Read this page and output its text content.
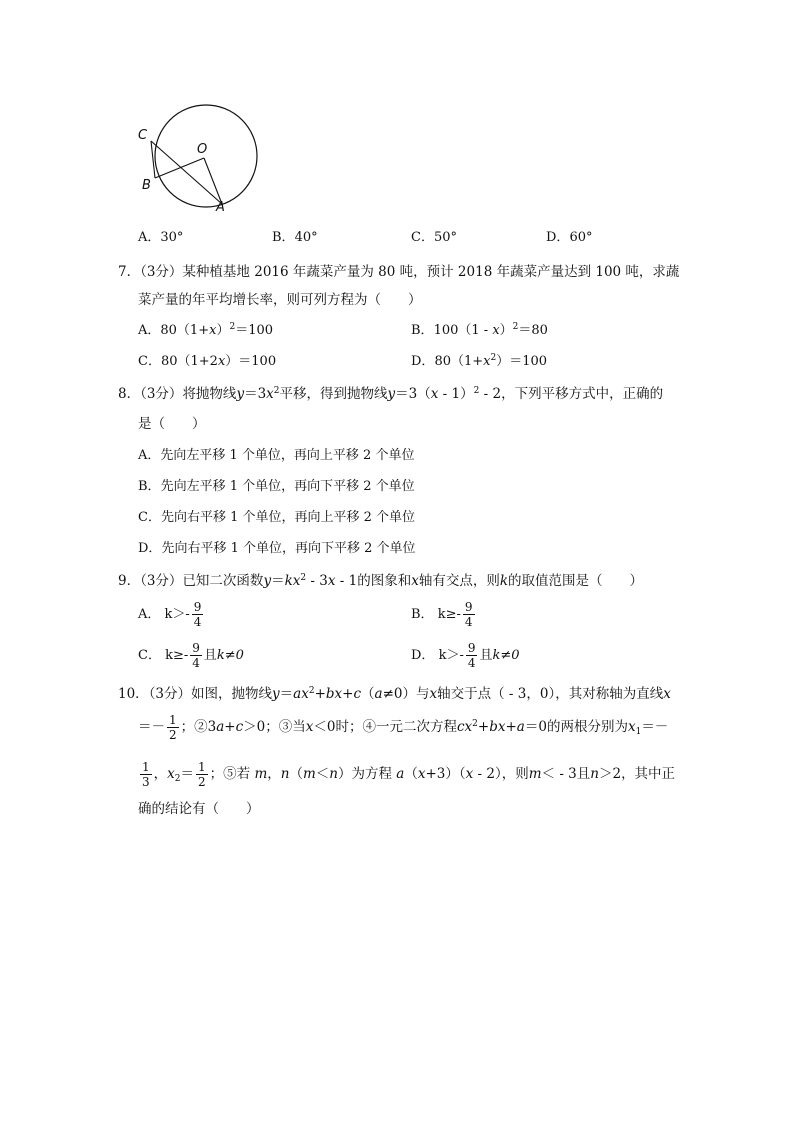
C
O
B
A
A．30°	B．40°	C．50°	D．60°
7．（3分）某种植基地 2016 年蔬菜产量为 80 吨，预计 2018 年蔬菜产量达到 100 吨，求蔬
菜产量的年平均增长率，则可列方程为（　　）
A．$80(1+x)^2=100$	B．100（1 - x）$^2$＝80
C．80（1+2x）＝100	D．$80(1+x^2)=100$
8．（3分）将抛物线$y=3x^2$平移，得到抛物线y＝3（x - 1）$^2$ - 2，下列平移方式中，正确的
是（　　）
A．先向左平移 1 个单位，再向上平移 2 个单位
B．先向左平移 1 个单位，再向下平移 2 个单位
C．先向右平移 1 个单位，再向上平移 2 个单位
D．先向右平移 1 个单位，再向下平移 2 个单位
9．（3分）已知二次函数$y=kx^2 - 3x - 1$的图象和x轴有交点，则k的取值范围是（　　）
A． $k>- \frac{9}{4}$	B． $k\ge- \frac{9}{4}$
C． $k\ge- \frac{9}{4}$ 且k≠0	D． $k>- \frac{9}{4}$ 且k≠0
10．（3分）如图，抛物线$y=ax^2+bx+c(a\ne 0)$与x轴交于点（ - 3，0），其对称轴为直线x
＝－ $\frac{1}{2}$ ；②3a+c＞0；③当x＜0时；④一元二次方程$cx^2+bx+a=0$的两根分别为$x_1=-$
$\frac{1}{3}$ ，$x_2= \frac{1}{2}$ ；⑤若 m，n（m＜n）为方程 a（x+3）（x - 2），则m＜ - 3且n＞2，其中正
确的结论有（　　）
